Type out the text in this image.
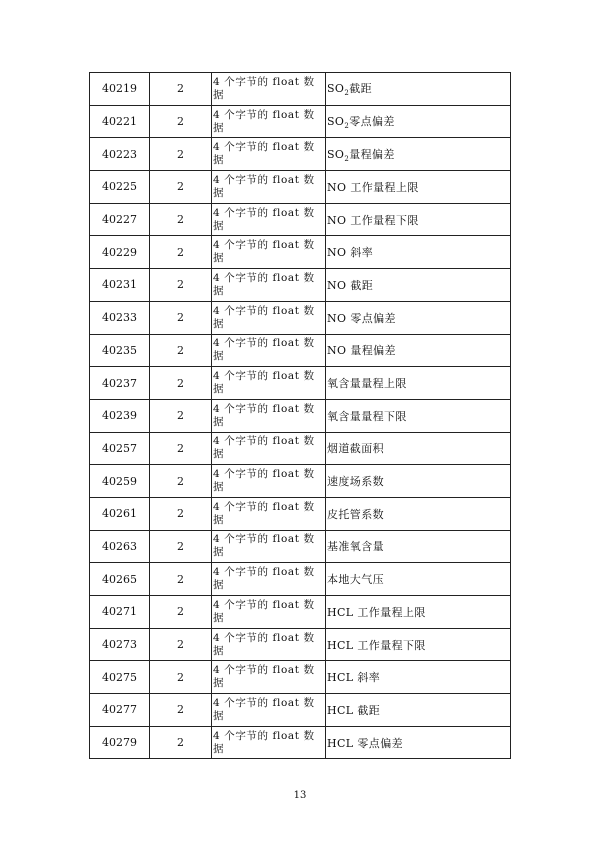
40219	2	4 个字节的 float 数据	$SO_2$截距
40221	2	4 个字节的 float 数据	$SO_2$零点偏差
40223	2	4 个字节的 float 数据	$SO_2$量程偏差
40225	2	4 个字节的 float 数据	NO 工作量程上限
40227	2	4 个字节的 float 数据	NO 工作量程下限
40229	2	4 个字节的 float 数据	NO 斜率
40231	2	4 个字节的 float 数据	NO 截距
40233	2	4 个字节的 float 数据	NO 零点偏差
40235	2	4 个字节的 float 数据	NO 量程偏差
40237	2	4 个字节的 float 数据	氧含量量程上限
40239	2	4 个字节的 float 数据	氧含量量程下限
40257	2	4 个字节的 float 数据	烟道截面积
40259	2	4 个字节的 float 数据	速度场系数
40261	2	4 个字节的 float 数据	皮托管系数
40263	2	4 个字节的 float 数据	基准氧含量
40265	2	4 个字节的 float 数据	本地大气压
40271	2	4 个字节的 float 数据	HCL 工作量程上限
40273	2	4 个字节的 float 数据	HCL 工作量程下限
40275	2	4 个字节的 float 数据	HCL 斜率
40277	2	4 个字节的 float 数据	HCL 截距
40279	2	4 个字节的 float 数据	HCL 零点偏差
13
